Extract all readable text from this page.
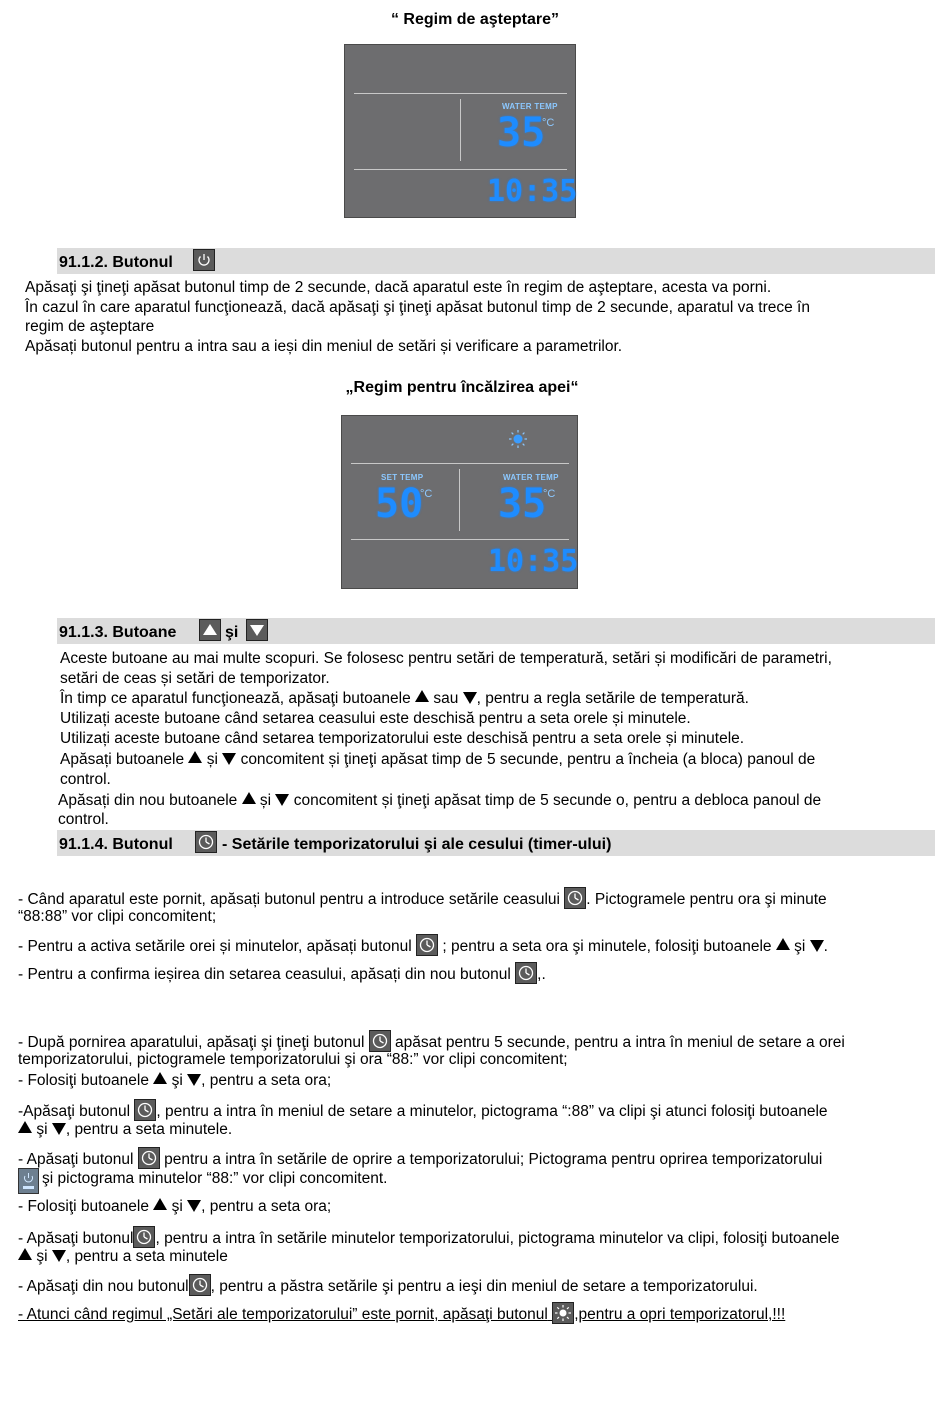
“ Regim de aşteptare”
WATER TEMP
35
°C
10:35
91.1.2. Butonul
Apăsaţi şi ţineţi apăsat butonul timp de 2 secunde, dacă aparatul este în regim de aşteptare, acesta va porni.
În cazul în care aparatul funcţionează, dacă apăsaţi şi ţineţi apăsat butonul timp de 2 secunde, aparatul va trece în
regim de aşteptare
Apăsați butonul pentru a intra sau a ieși din meniul de setări și verificare a parametrilor.
„Regim pentru încălzirea apei“
SET TEMP
50
°C
WATER TEMP
35
°C
10:35
91.1.3. Butoane	şi
Aceste butoane au mai multe scopuri. Se folosesc pentru setări de temperatură, setări și modificări de parametri,
setări de ceas și setări de temporizator.
În timp ce aparatul funcţionează, apăsaţi butoanele sau , pentru a regla setările de temperatură.
Utilizați aceste butoane când setarea ceasului este deschisă pentru a seta orele și minutele.
Utilizați aceste butoane când setarea temporizatorului este deschisă pentru a seta orele și minutele.
Apăsați butoanele și concomitent și ţineţi apăsat timp de 5 secunde, pentru a încheia (a bloca) panoul de
control.
Apăsați din nou butoanele și concomitent și ţineţi apăsat timp de 5 secunde o, pentru a debloca panoul de
control.
91.1.4. Butonul	- Setările temporizatorului şi ale cesului (timer-ului)
- Când aparatul este pornit, apăsați butonul pentru a introduce setările ceasului . Pictogramele pentru ora şi minute
“88:88” vor clipi concomitent;
- Pentru a activa setările orei și minutelor, apăsați butonul ; pentru a seta ora şi minutele, folosiţi butoanele şi .
- Pentru a confirma ieșirea din setarea ceasului, apăsați din nou butonul ,.
- După pornirea aparatului, apăsaţi şi ţineţi butonul apăsat pentru 5 secunde, pentru a intra în meniul de setare a orei
temporizatorului, pictogramele temporizatorului şi ora “88:” vor clipi concomitent;
- Folosiţi butoanele şi , pentru a seta ora;
-Apăsaţi butonul , pentru a intra în meniul de setare a minutelor, pictograma “:88” va clipi şi atunci folosiţi butoanele
şi , pentru a seta minutele.
- Apăsaţi butonul pentru a intra în setările de oprire a temporizatorului; Pictograma pentru oprirea temporizatorului
şi pictograma minutelor “88:” vor clipi concomitent.
- Folosiţi butoanele şi , pentru a seta ora;
- Apăsaţi butonul , pentru a intra în setările minutelor temporizatorului, pictograma minutelor va clipi, folosiţi butoanele
şi , pentru a seta minutele
- Apăsaţi din nou butonul , pentru a păstra setările şi pentru a ieşi din meniul de setare a temporizatorului.
- Atunci când regimul „Setări ale temporizatorului” este pornit, apăsaţi butonul ,pentru a opri temporizatorul,!!!
